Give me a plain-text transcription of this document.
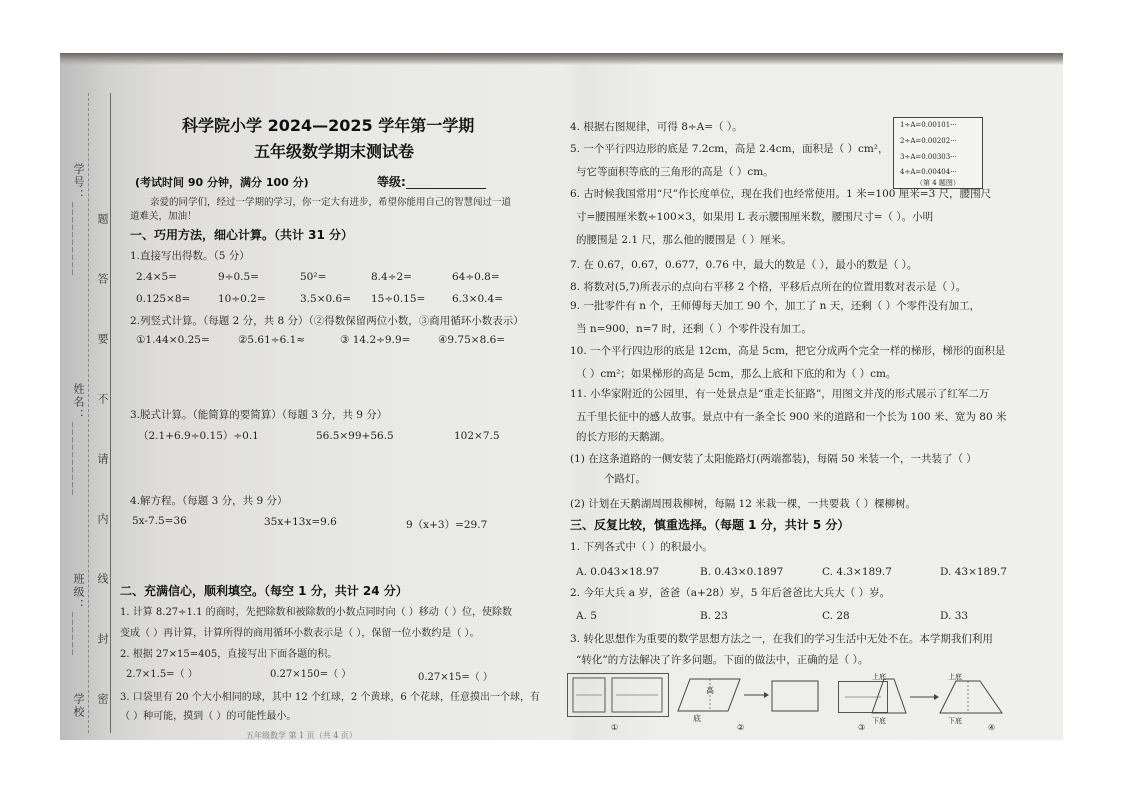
学号：__________
姓名：__________
班级：______
学校
题
答
要
不
请
内
线
封
密
科学院小学 2024—2025 学年第一学期
五年级数学期末测试卷
(考试时间 90 分钟，满分 100 分)	等级:
亲爱的同学们，经过一学期的学习，你一定大有进步，希望你能用自己的智慧闯过一道
道难关，加油！
一、巧用方法，细心计算。（共计 31 分）
1.直接写出得数。（5 分）
2.4×5=	9÷0.5=	50²=	8.4÷2=	64÷0.8=
0.125×8=	10÷0.2=	3.5×0.6= 15÷0.15=	6.3×0.4=
2.列竖式计算。（每题 2 分，共 8 分）（②得数保留两位小数，③商用循环小数表示）
①1.44×0.25=	②5.61÷6.1≈	③ 14.2÷9.9=	④9.75×8.6=
3.脱式计算。（能简算的要简算）（每题 3 分，共 9 分）
（2.1+6.9÷0.15）÷0.1	56.5×99+56.5	102×7.5
4.解方程。（每题 3 分，共 9 分）
5x-7.5=36	35x+13x=9.6	9（x+3）=29.7
二、充满信心，顺利填空。（每空 1 分，共计 24 分）
1. 计算 8.27÷1.1 的商时，先把除数和被除数的小数点同时向（ ）移动（ ）位，使除数
变成（ ）再计算，计算所得的商用循环小数表示是（ ），保留一位小数约是（ ）。
2. 根据 27×15=405，直接写出下面各题的积。
2.7×1.5=（ ）	0.27×150=（ ）	0.27×15=（ ）
3. 口袋里有 20 个大小相同的球，其中 12 个红球，2 个黄球，6 个花球，任意摸出一个球，有
（ ）种可能，摸到（ ）的可能性最小。
五年级数学 第 1 页（共 4 页）
4. 根据右图规律，可得 8÷A=（ ）。	1÷A=0.00101···
2÷A=0.00202···
3÷A=0.00303···
4÷A=0.00404···
（第 4 题图）
5. 一个平行四边形的底是 7.2cm，高是 2.4cm，面积是（ ）cm²，
与它等面积等底的三角形的高是（ ）cm。
6. 古时候我国常用“尺”作长度单位，现在我们也经常使用。1 米=100 厘米=3 尺，腰围尺
寸=腰围厘米数÷100×3，如果用 L 表示腰围厘米数，腰围尺寸=（ ）。小明
的腰围是 2.1 尺，那么他的腰围是（ ）厘米。
7. 在 0.67，0.67，0.677，0.76 中，最大的数是（ ），最小的数是（ ）。
8. 将数对(5,7)所表示的点向右平移 2 个格，平移后点所在的位置用数对表示是（ ）。
9. 一批零件有 n 个，王师傅每天加工 90 个，加工了 n 天，还剩（ ）个零件没有加工，
当 n=900，n=7 时，还剩（ ）个零件没有加工。
10. 一个平行四边形的底是 12cm，高是 5cm，把它分成两个完全一样的梯形，梯形的面积是
（ ）cm²；如果梯形的高是 5cm，那么上底和下底的和为（ ）cm。
11. 小华家附近的公园里，有一处景点是“重走长征路”，用图文并茂的形式展示了红军二万
五千里长征中的感人故事。景点中有一条全长 900 米的道路和一个长为 100 米、宽为 80 米
的长方形的天鹅湖。
(1) 在这条道路的一侧安装了太阳能路灯(两端都装)，每隔 50 米装一个，一共装了（ ）
个路灯。
(2) 计划在天鹅湖周围栽柳树，每隔 12 米栽一棵，一共要栽（ ）棵柳树。
三、反复比较，慎重选择。（每题 1 分，共计 5 分）
1. 下列各式中（ ）的积最小。
A. 0.043×18.97	B. 0.43×0.1897	C. 4.3×189.7	D. 43×189.7
2. 今年大兵 a 岁，爸爸（a+28）岁，5 年后爸爸比大兵大（ ）岁。
A. 5	B. 23	C. 28	D. 33
3. 转化思想作为重要的数学思想方法之一，在我们的学习生活中无处不在。本学期我们利用
“转化”的方法解决了许多问题。下面的做法中，正确的是（ ）。
①
高
底
②	③
上底
下底
上底
下底
④
